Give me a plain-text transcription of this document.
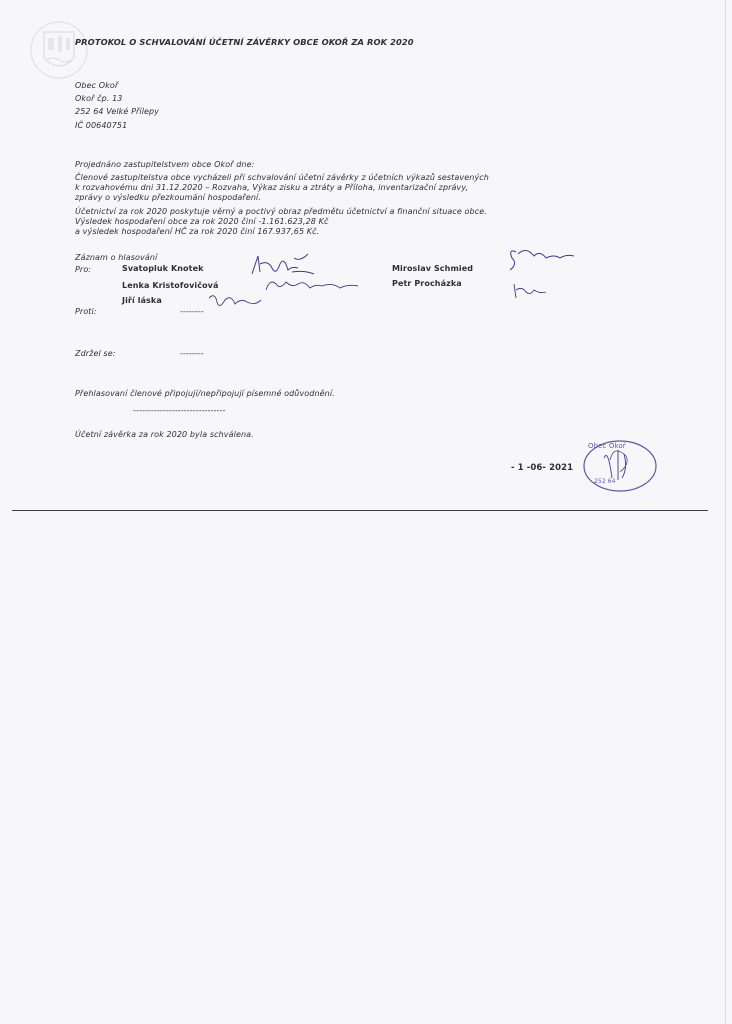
PROTOKOL O SCHVALOVÁNÍ ÚČETNÍ ZÁVĚRKY OBCE OKOŘ ZA ROK 2020
Obec Okoř
Okoř čp. 13
252 64 Velké Přílepy
IČ 00640751
Projednáno zastupitelstvem obce Okoř dne:
Členové zastupitelstva obce vycházeli při schvalování účetní závěrky z účetních výkazů sestavených
k rozvahovému dni 31.12.2020 – Rozvaha, Výkaz zisku a ztráty a Příloha, inventarizační zprávy,
zprávy o výsledku přezkoumání hospodaření.
Účetnictví za rok 2020 poskytuje věrný a poctivý obraz předmětu účetnictví a finanční situace obce.
Výsledek hospodaření obce za rok 2020 činí -1.161.623,28 Kč
a výsledek hospodaření HČ za rok 2020 činí 167.937,65 Kč.
Záznam o hlasování
Pro:	Svatopluk Knotek
Lenka Kristofovičová
Jiří láska
Miroslav Schmied
Petr Procházka
Proti:	--------
Zdržel se:	--------
Přehlasovaní členové připojují/nepřipojují písemné odůvodnění.
-------------------------------
Účetní závěrka za rok 2020 byla schválena.
- 1 -06- 2021
Obec Okoř
252 64
